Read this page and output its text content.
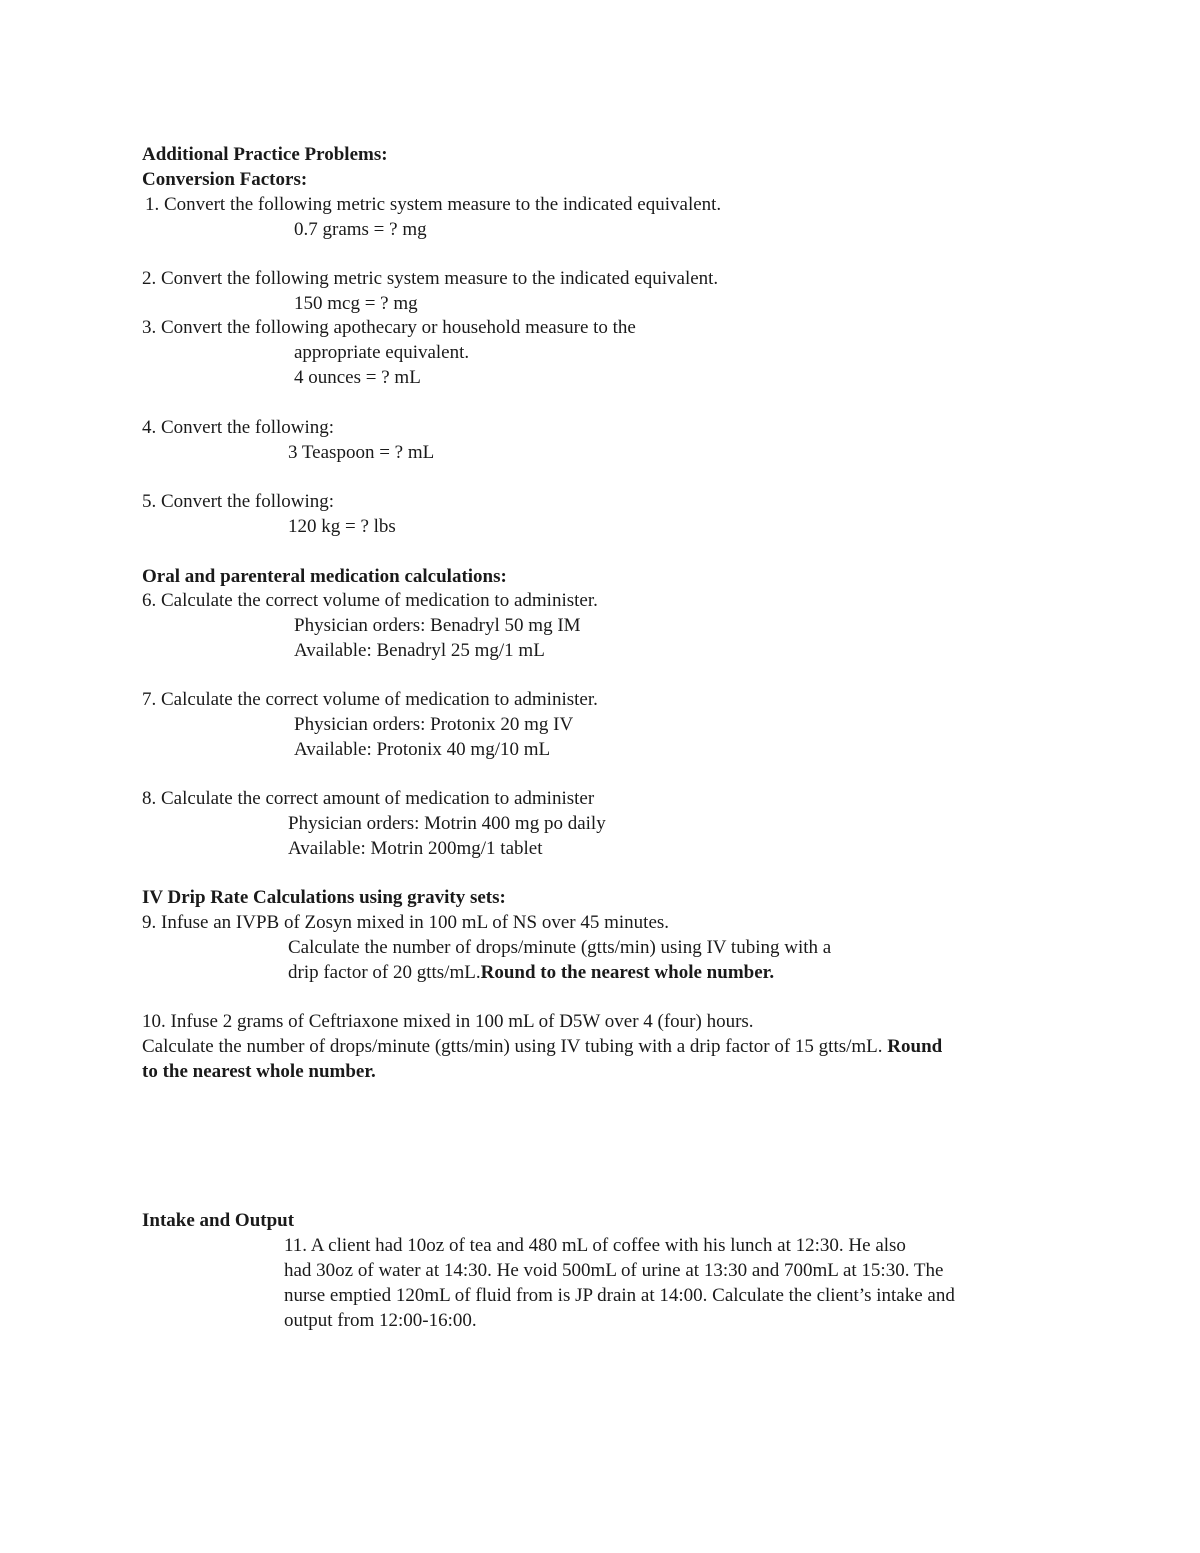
Additional Practice Problems:
Conversion Factors:
1. Convert the following metric system measure to the indicated equivalent.
0.7 grams = ? mg
2. Convert the following metric system measure to the indicated equivalent.
150 mcg = ? mg
3. Convert the following apothecary or household measure to the
appropriate equivalent.
4 ounces = ? mL
4. Convert the following:
3 Teaspoon = ? mL
5. Convert the following:
120 kg = ? lbs
Oral and parenteral medication calculations:
6. Calculate the correct volume of medication to administer.
Physician orders: Benadryl 50 mg IM
Available: Benadryl 25 mg/1 mL
7. Calculate the correct volume of medication to administer.
Physician orders: Protonix 20 mg IV
Available: Protonix 40 mg/10 mL
8. Calculate the correct amount of medication to administer
Physician orders: Motrin 400 mg po daily
Available: Motrin 200mg/1 tablet
IV Drip Rate Calculations using gravity sets:
9. Infuse an IVPB of Zosyn mixed in 100 mL of NS over 45 minutes.
Calculate the number of drops/minute (gtts/min) using IV tubing with a
drip factor of 20 gtts/mL.Round to the nearest whole number.
10. Infuse 2 grams of Ceftriaxone mixed in 100 mL of D5W over 4 (four) hours.
Calculate the number of drops/minute (gtts/min) using IV tubing with a drip factor of 15 gtts/mL. Round
to the nearest whole number.
Intake and Output
11. A client had 10oz of tea and 480 mL of coffee with his lunch at 12:30. He also
had 30oz of water at 14:30. He void 500mL of urine at 13:30 and 700mL at 15:30. The
nurse emptied 120mL of fluid from is JP drain at 14:00. Calculate the client’s intake and
output from 12:00-16:00.
